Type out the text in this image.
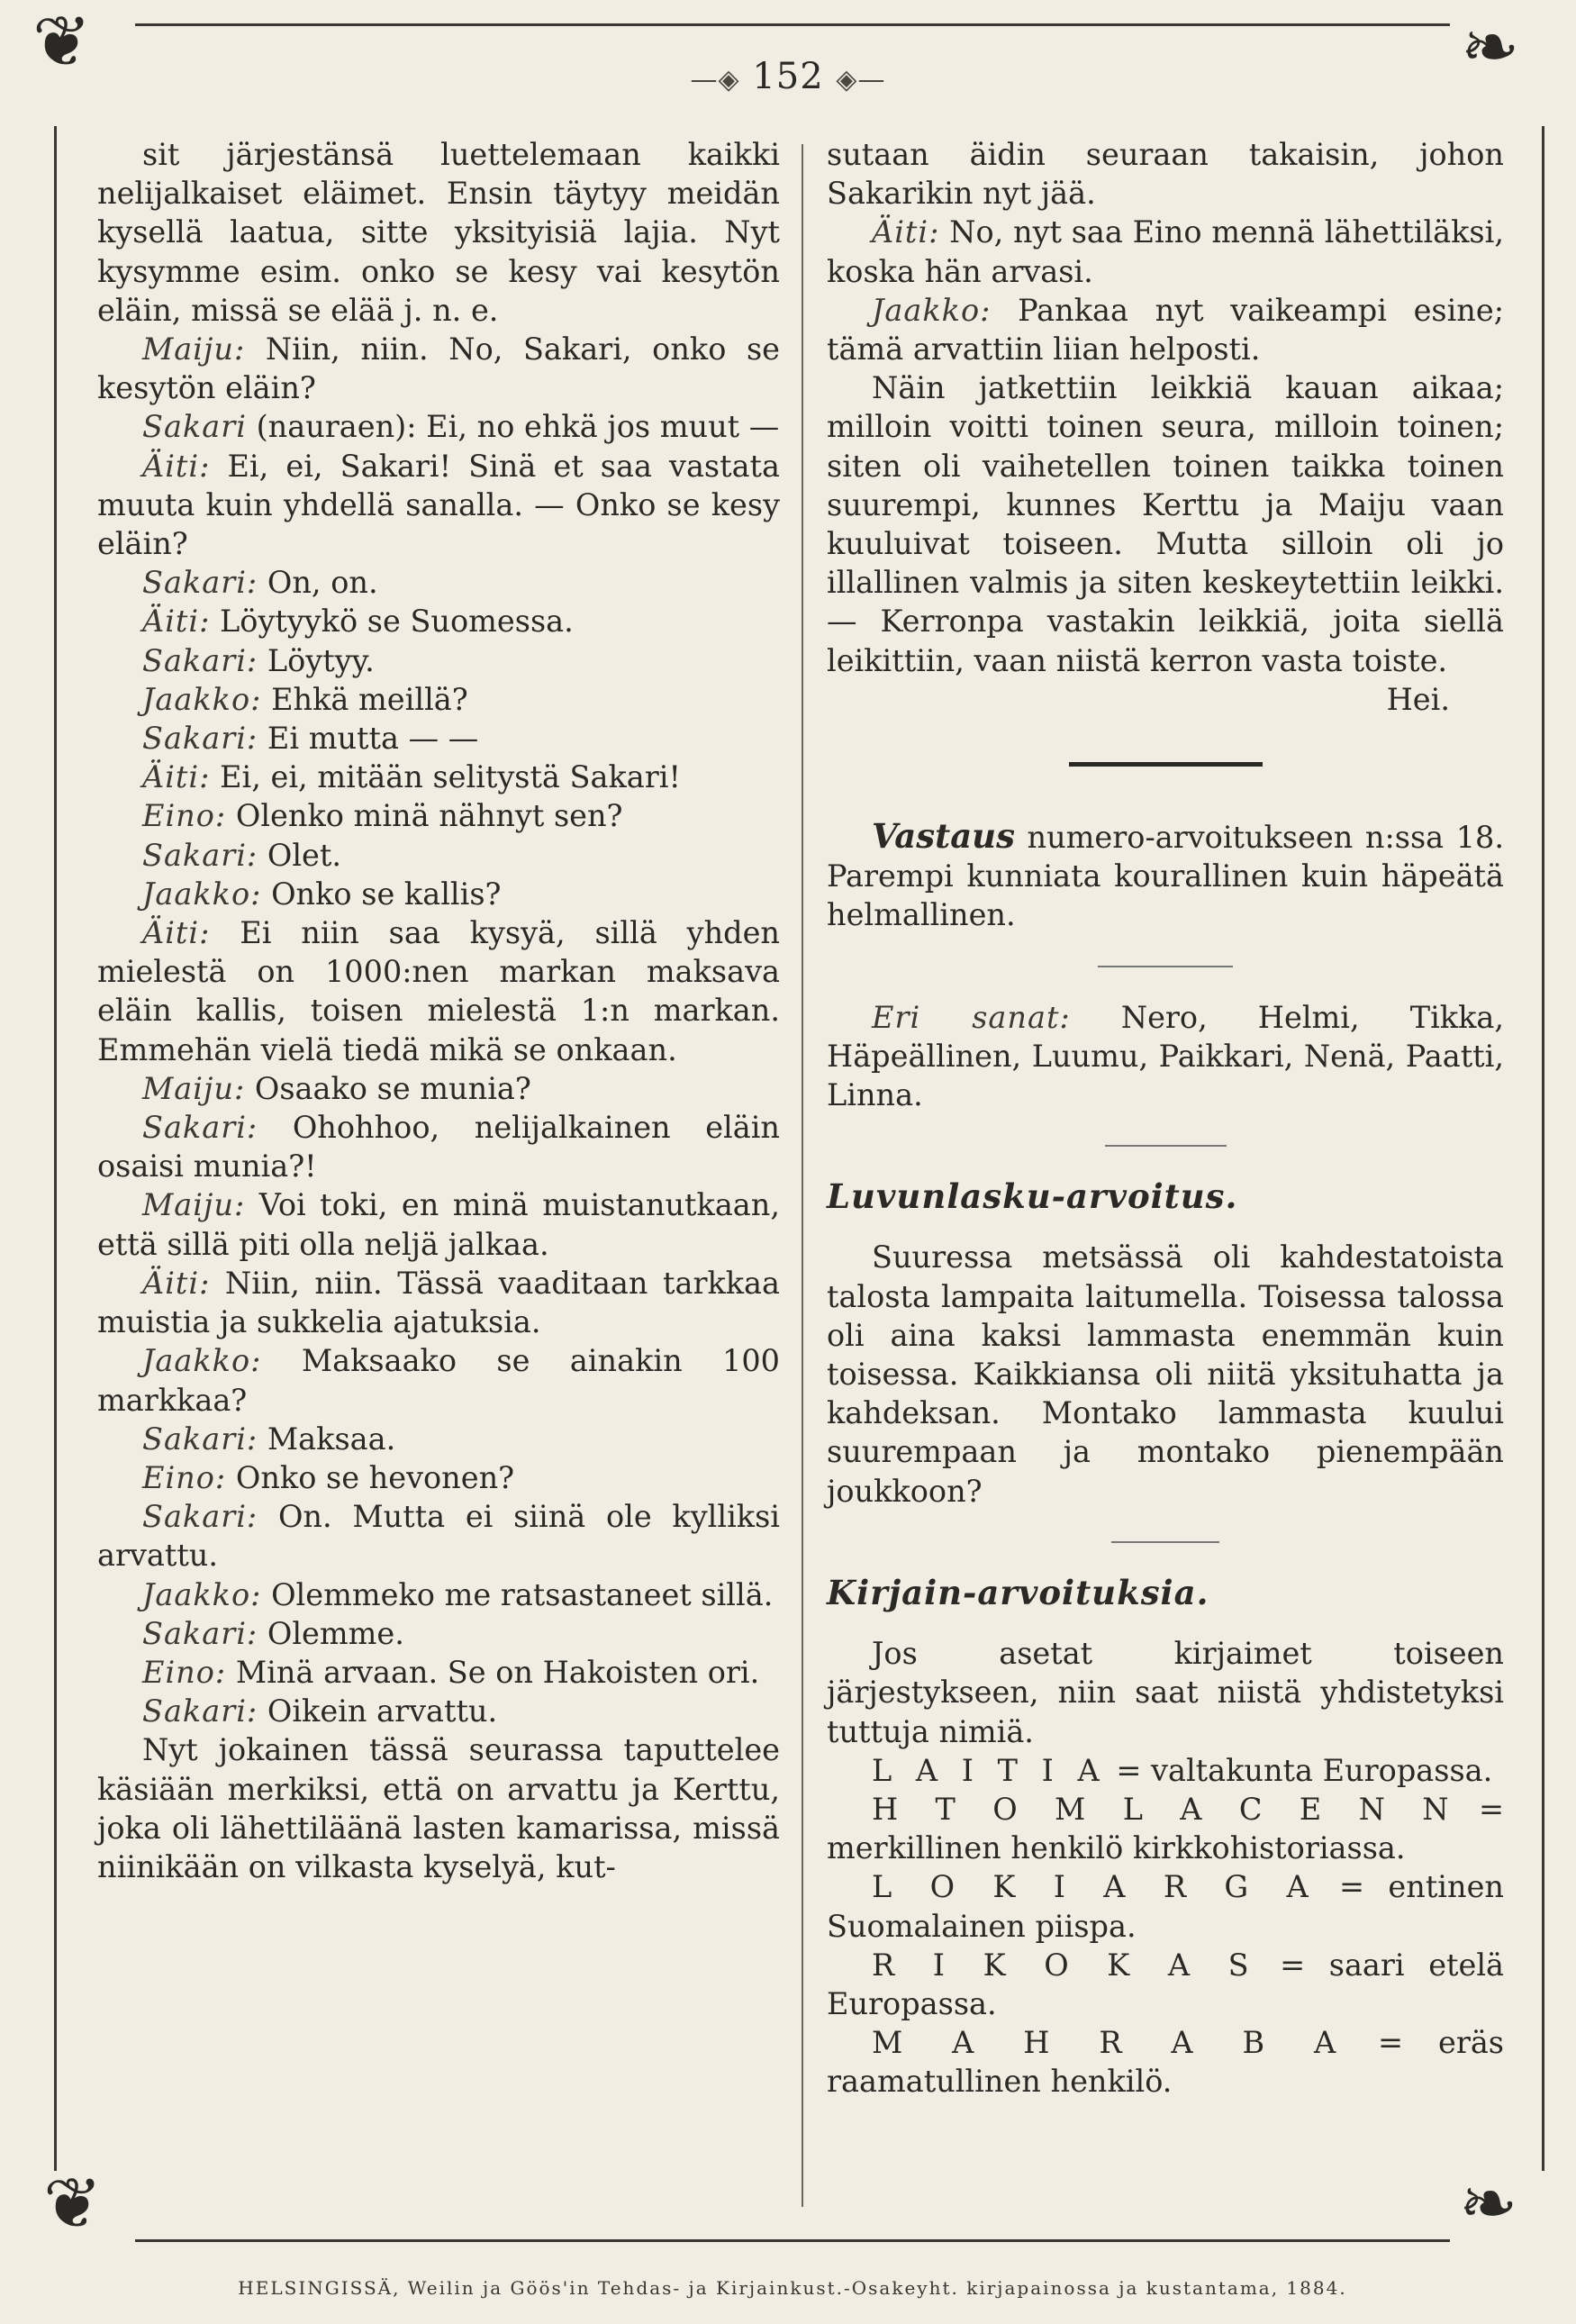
❦	❧
❦	❧
—◈ 152 ◈—

sit järjestänsä luettelemaan kaikki nelijalkaiset eläimet. Ensin täytyy meidän kysellä laatua, sitte yksityisiä lajia. Nyt kysymme esim. onko se kesy vai kesytön eläin, missä se elää j. n. e.

Maiju: Niin, niin. No, Sakari, onko se kesytön eläin?

Sakari (nauraen): Ei, no ehkä jos muut —

Äiti: Ei, ei, Sakari! Sinä et saa vastata muuta kuin yhdellä sanalla. — Onko se kesy eläin?

Sakari: On, on.

Äiti: Löytyykö se Suomessa.

Sakari: Löytyy.

Jaakko: Ehkä meillä?

Sakari: Ei mutta — —

Äiti: Ei, ei, mitään selitystä Sakari!

Eino: Olenko minä nähnyt sen?

Sakari: Olet.

Jaakko: Onko se kallis?

Äiti: Ei niin saa kysyä, sillä yhden mielestä on 1000:nen markan maksava eläin kallis, toisen mielestä 1:n markan. Emmehän vielä tiedä mikä se onkaan.

Maiju: Osaako se munia?

Sakari: Ohohhoo, nelijalkainen eläin osaisi munia?!

Maiju: Voi toki, en minä muistanutkaan, että sillä piti olla neljä jalkaa.

Äiti: Niin, niin. Tässä vaaditaan tarkkaa muistia ja sukkelia ajatuksia.

Jaakko: Maksaako se ainakin 100 markkaa?

Sakari: Maksaa.

Eino: Onko se hevonen?

Sakari: On. Mutta ei siinä ole kylliksi arvattu.

Jaakko: Olemmeko me ratsastaneet sillä.

Sakari: Olemme.

Eino: Minä arvaan. Se on Hakoisten ori.

Sakari: Oikein arvattu.

Nyt jokainen tässä seurassa taputtelee käsiään merkiksi, että on arvattu ja Kerttu, joka oli lähettiläänä lasten kamarissa, missä niinikään on vilkasta kyselyä, kut-

sutaan äidin seuraan takaisin, johon Sakarikin nyt jää.

Äiti: No, nyt saa Eino mennä lähettiläksi, koska hän arvasi.

Jaakko: Pankaa nyt vaikeampi esine; tämä arvattiin liian helposti.

Näin jatkettiin leikkiä kauan aikaa; milloin voitti toinen seura, milloin toinen; siten oli vaihetellen toinen taikka toinen suurempi, kunnes Kerttu ja Maiju vaan kuuluivat toiseen. Mutta silloin oli jo illallinen valmis ja siten keskeytettiin leikki. — Kerronpa vastakin leikkiä, joita siellä leikittiin, vaan niistä kerron vasta toiste.

Hei.

Vastaus numero-arvoitukseen n:ssa 18. Parempi kunniata kourallinen kuin häpeätä helmallinen.

Eri sanat: Nero, Helmi, Tikka, Häpeällinen, Luumu, Paikkari, Nenä, Paatti, Linna.

Luvunlasku-arvoitus.

Suuressa metsässä oli kahdestatoista talosta lampaita laitumella. Toisessa talossa oli aina kaksi lammasta enemmän kuin toisessa. Kaikkiansa oli niitä yksituhatta ja kahdeksan. Montako lammasta kuului suurempaan ja montako pienempään joukkoon?

Kirjain-arvoituksia.

Jos asetat kirjaimet toiseen järjestykseen, niin saat niistä yhdistetyksi tuttuja nimiä.

L A I T I A = valtakunta Europassa.

H T O M L A C E N N = merkillinen henkilö kirkkohistoriassa.

L O K I A R G A = entinen Suomalainen piispa.

R I K O K A S = saari etelä Europassa.

M A H R A B A = eräs raamatullinen henkilö.

HELSINGISSÄ, Weilin ja Göös'in Tehdas- ja Kirjainkust.-Osakeyht. kirjapainossa ja kustantama, 1884.
